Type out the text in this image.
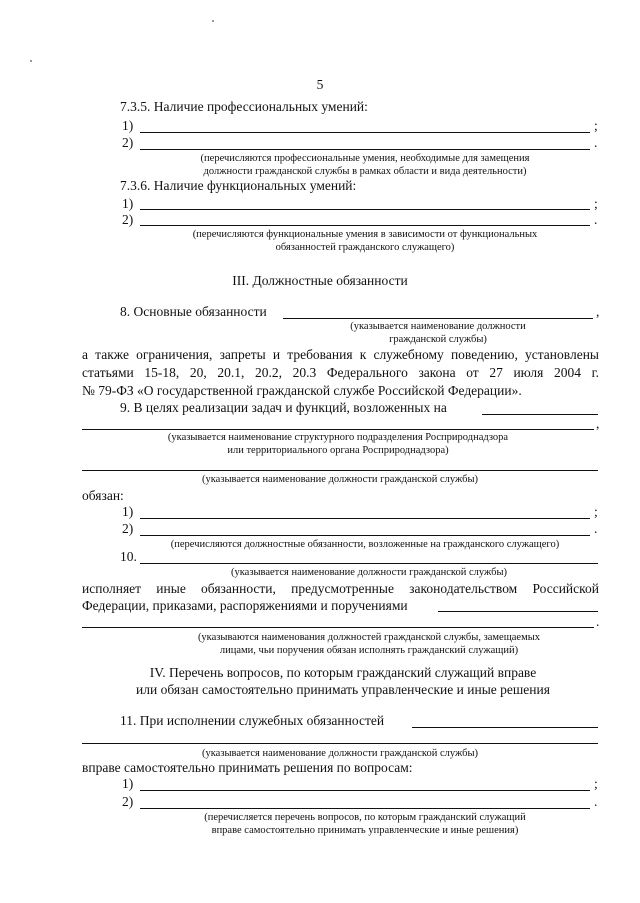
5
7.3.5. Наличие профессиональных умений:
1)	;
2)	.
(перечисляются профессиональные умения, необходимые для замещения
должности гражданской службы в рамках области и вида деятельности)
7.3.6. Наличие функциональных умений:
1)	;
2)	.
(перечисляются функциональные умения в зависимости от функциональных
обязанностей гражданского служащего)
III. Должностные обязанности
8. Основные обязанности	,
(указывается наименование должности
гражданской службы)
а также ограничения, запреты и требования к служебному поведению, установлены
статьями 15-18, 20, 20.1, 20.2, 20.3 Федерального закона от 27 июля 2004 г.
№ 79-ФЗ «О государственной гражданской службе Российской Федерации».
9. В целях реализации задач и функций, возложенных на
,
(указывается наименование структурного подразделения Росприроднадзора
или территориального органа Росприроднадзора)
(указывается наименование должности гражданской службы)
обязан:
1)	;
2)	.
(перечисляются должностные обязанности, возложенные на гражданского служащего)
10.
(указывается наименование должности гражданской службы)
исполняет иные обязанности, предусмотренные законодательством Российской
Федерации, приказами, распоряжениями и поручениями
.
(указываются наименования должностей гражданской службы, замещаемых
лицами, чьи поручения обязан исполнять гражданский служащий)
IV. Перечень вопросов, по которым гражданский служащий вправе
или обязан самостоятельно принимать управленческие и иные решения
11. При исполнении служебных обязанностей
(указывается наименование должности гражданской службы)
вправе самостоятельно принимать решения по вопросам:
1)	;
2)	.
(перечисляется перечень вопросов, по которым гражданский служащий
вправе самостоятельно принимать управленческие и иные решения)
